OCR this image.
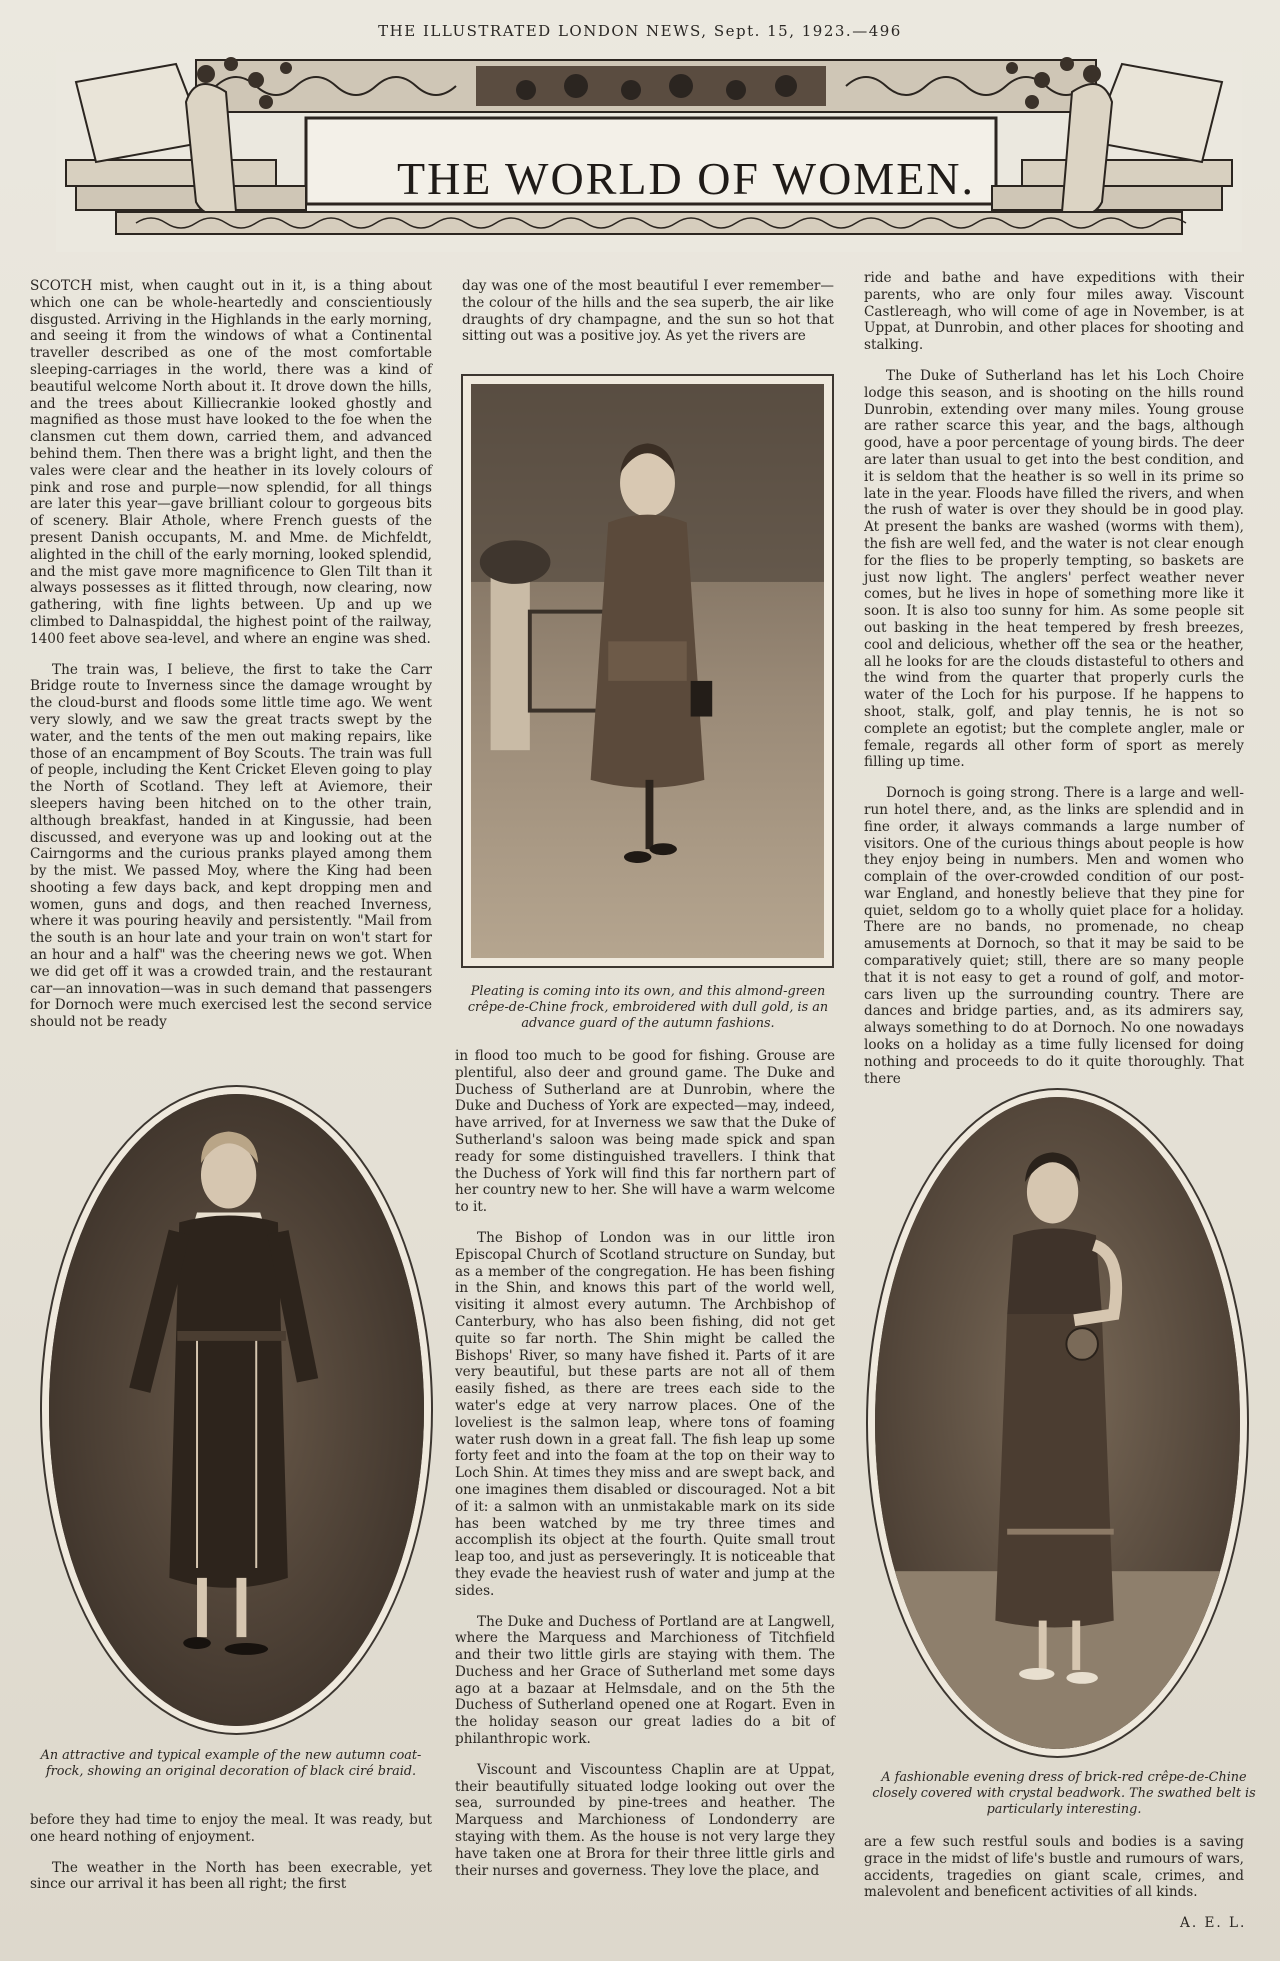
THE ILLUSTRATED LONDON NEWS, Sept. 15, 1923.—496
THE WORLD OF WOMEN.

SCOTCH mist, when caught out in it, is a thing about which one can be whole-heartedly and conscientiously disgusted. Arriving in the Highlands in the early morning, and seeing it from the windows of what a Continental traveller described as one of the most comfortable sleeping-carriages in the world, there was a kind of beautiful welcome North about it. It drove down the hills, and the trees about Killiecrankie looked ghostly and magnified as those must have looked to the foe when the clansmen cut them down, carried them, and advanced behind them. Then there was a bright light, and then the vales were clear and the heather in its lovely colours of pink and rose and purple—now splendid, for all things are later this year—gave brilliant colour to gorgeous bits of scenery. Blair Athole, where French guests of the present Danish occupants, M. and Mme. de Michfeldt, alighted in the chill of the early morning, looked splendid, and the mist gave more magnificence to Glen Tilt than it always possesses as it flitted through, now clearing, now gathering, with fine lights between. Up and up we climbed to Dalnaspiddal, the highest point of the railway, 1400 feet above sea-level, and where an engine was shed.

The train was, I believe, the first to take the Carr Bridge route to Inverness since the damage wrought by the cloud-burst and floods some little time ago. We went very slowly, and we saw the great tracts swept by the water, and the tents of the men out making repairs, like those of an encampment of Boy Scouts. The train was full of people, including the Kent Cricket Eleven going to play the North of Scotland. They left at Aviemore, their sleepers having been hitched on to the other train, although breakfast, handed in at Kingussie, had been discussed, and everyone was up and looking out at the Cairngorms and the curious pranks played among them by the mist. We passed Moy, where the King had been shooting a few days back, and kept dropping men and women, guns and dogs, and then reached Inverness, where it was pouring heavily and persistently. "Mail from the south is an hour late and your train on won't start for an hour and a half" was the cheering news we got. When we did get off it was a crowded train, and the restaurant car—an innovation—was in such demand that passengers for Dornoch were much exercised lest the second service should not be ready

day was one of the most beautiful I ever remember—the colour of the hills and the sea superb, the air like draughts of dry champagne, and the sun so hot that sitting out was a positive joy. As yet the rivers are

ride and bathe and have expeditions with their parents, who are only four miles away. Viscount Castlereagh, who will come of age in November, is at Uppat, at Dunrobin, and other places for shooting and stalking.

The Duke of Sutherland has let his Loch Choire lodge this season, and is shooting on the hills round Dunrobin, extending over many miles. Young grouse are rather scarce this year, and the bags, although good, have a poor percentage of young birds. The deer are later than usual to get into the best condition, and it is seldom that the heather is so well in its prime so late in the year. Floods have filled the rivers, and when the rush of water is over they should be in good play. At present the banks are washed (worms with them), the fish are well fed, and the water is not clear enough for the flies to be properly tempting, so baskets are just now light. The anglers' perfect weather never comes, but he lives in hope of something more like it soon. It is also too sunny for him. As some people sit out basking in the heat tempered by fresh breezes, cool and delicious, whether off the sea or the heather, all he looks for are the clouds distasteful to others and the wind from the quarter that properly curls the water of the Loch for his purpose. If he happens to shoot, stalk, golf, and play tennis, he is not so complete an egotist; but the complete angler, male or female, regards all other form of sport as merely filling up time.

Dornoch is going strong. There is a large and well-run hotel there, and, as the links are splendid and in fine order, it always commands a large number of visitors. One of the curious things about people is how they enjoy being in numbers. Men and women who complain of the over-crowded condition of our post-war England, and honestly believe that they pine for quiet, seldom go to a wholly quiet place for a holiday. There are no bands, no promenade, no cheap amusements at Dornoch, so that it may be said to be comparatively quiet; still, there are so many people that it is not easy to get a round of golf, and motor-cars liven up the surrounding country. There are dances and bridge parties, and, as its admirers say, always something to do at Dornoch. No one nowadays looks on a holiday as a time fully licensed for doing nothing and proceeds to do it quite thoroughly. That there

Pleating is coming into its own, and this almond-green crêpe-de-Chine frock, embroidered with dull gold, is an advance guard of the autumn fashions.

in flood too much to be good for fishing. Grouse are plentiful, also deer and ground game. The Duke and Duchess of Sutherland are at Dunrobin, where the Duke and Duchess of York are expected—may, indeed, have arrived, for at Inverness we saw that the Duke of Sutherland's saloon was being made spick and span ready for some distinguished travellers. I think that the Duchess of York will find this far northern part of her country new to her. She will have a warm welcome to it.

The Bishop of London was in our little iron Episcopal Church of Scotland structure on Sunday, but as a member of the congregation. He has been fishing in the Shin, and knows this part of the world well, visiting it almost every autumn. The Archbishop of Canterbury, who has also been fishing, did not get quite so far north. The Shin might be called the Bishops' River, so many have fished it. Parts of it are very beautiful, but these parts are not all of them easily fished, as there are trees each side to the water's edge at very narrow places. One of the loveliest is the salmon leap, where tons of foaming water rush down in a great fall. The fish leap up some forty feet and into the foam at the top on their way to Loch Shin. At times they miss and are swept back, and one imagines them disabled or discouraged. Not a bit of it: a salmon with an unmistakable mark on its side has been watched by me try three times and accomplish its object at the fourth. Quite small trout leap too, and just as perseveringly. It is noticeable that they evade the heaviest rush of water and jump at the sides.

The Duke and Duchess of Portland are at Langwell, where the Marquess and Marchioness of Titchfield and their two little girls are staying with them. The Duchess and her Grace of Sutherland met some days ago at a bazaar at Helmsdale, and on the 5th the Duchess of Sutherland opened one at Rogart. Even in the holiday season our great ladies do a bit of philanthropic work.

Viscount and Viscountess Chaplin are at Uppat, their beautifully situated lodge looking out over the sea, surrounded by pine-trees and heather. The Marquess and Marchioness of Londonderry are staying with them. As the house is not very large they have taken one at Brora for their three little girls and their nurses and governess. They love the place, and

An attractive and typical example of the new autumn coat-frock, showing an original decoration of black ciré braid.

before they had time to enjoy the meal. It was ready, but one heard nothing of enjoyment.

The weather in the North has been execrable, yet since our arrival it has been all right; the first

A fashionable evening dress of brick-red crêpe-de-Chine closely covered with crystal beadwork. The swathed belt is particularly interesting.

are a few such restful souls and bodies is a saving grace in the midst of life's bustle and rumours of wars, accidents, tragedies on giant scale, crimes, and malevolent and beneficent activities of all kinds.

A. E. L.
